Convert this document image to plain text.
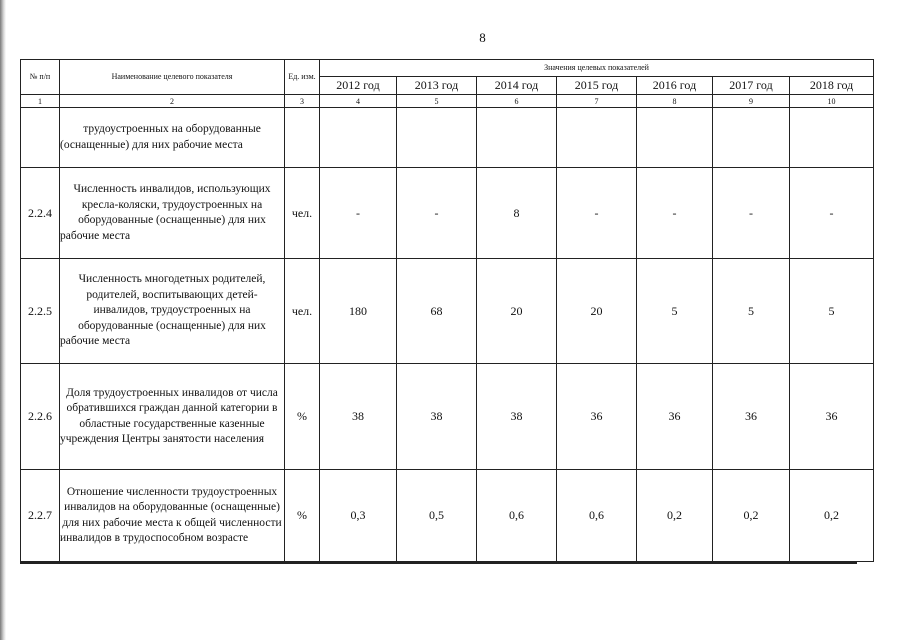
8
№ п/п	Наименование целевого показателя	Ед. изм.	Значения целевых показателей						
			2012 год	2013 год	2014 год	2015 год	2016 год	2017 год	2018 год
1	2	3	4	5	6	7	8	9	10
	трудоустроенных на оборудованные (оснащенные) для них рабочие места								
2.2.4	Численность инвалидов, использующих кресла-коляски, трудоустроенных на оборудованные (оснащенные) для них рабочие места	чел.	-	-	8	-	-	-	-
2.2.5	Численность многодетных родителей, родителей, воспитывающих детей-инвалидов, трудоустроенных на оборудованные (оснащенные) для них рабочие места	чел.	180	68	20	20	5	5	5
2.2.6	Доля трудоустроенных инвалидов от числа обратившихся граждан данной категории в областные государственные казенные учреждения Центры занятости населения	%	38	38	38	36	36	36	36
2.2.7	Отношение численности трудоустроенных инвалидов на оборудованные (оснащенные) для них рабочие места к общей численности инвалидов в трудоспособном возрасте	%	0,3	0,5	0,6	0,6	0,2	0,2	0,2
